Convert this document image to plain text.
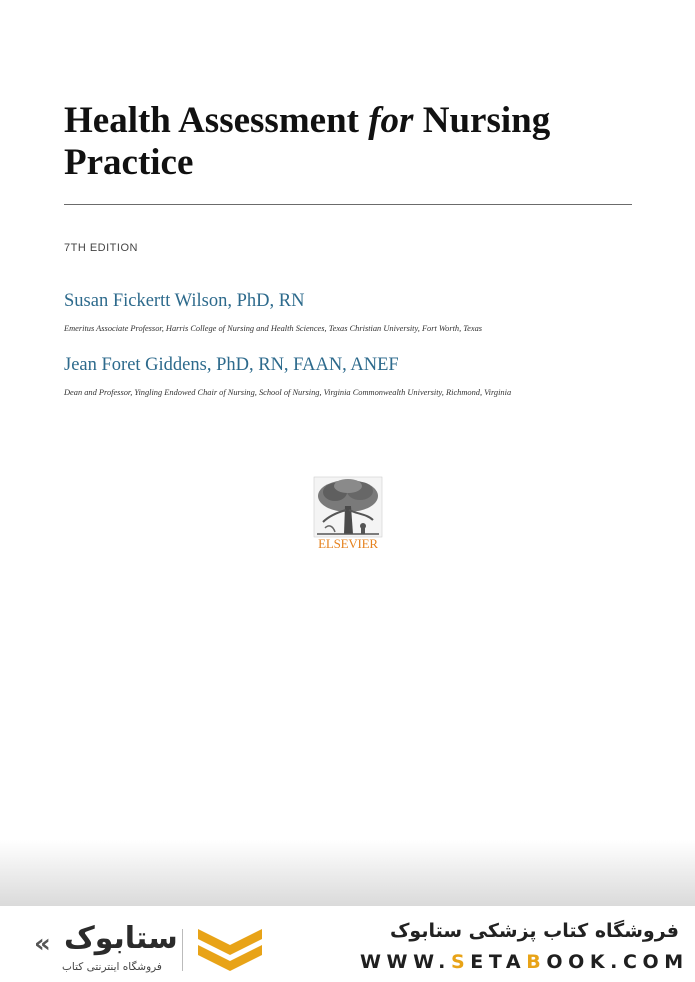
Health Assessment for Nursing Practice
7TH EDITION
Susan Fickertt Wilson, PhD, RN
Emeritus Associate Professor, Harris College of Nursing and Health Sciences, Texas Christian University, Fort Worth, Texas
Jean Foret Giddens, PhD, RN, FAAN, ANEF
Dean and Professor, Yingling Endowed Chair of Nursing, School of Nursing, Virginia Commonwealth University, Richmond, Virginia
ELSEVIER
« ستابوک
فروشگاه اینترنتی کتاب
فروشگاه کتاب پزشکی ستابوک
WWW.SETABOOK.COM
